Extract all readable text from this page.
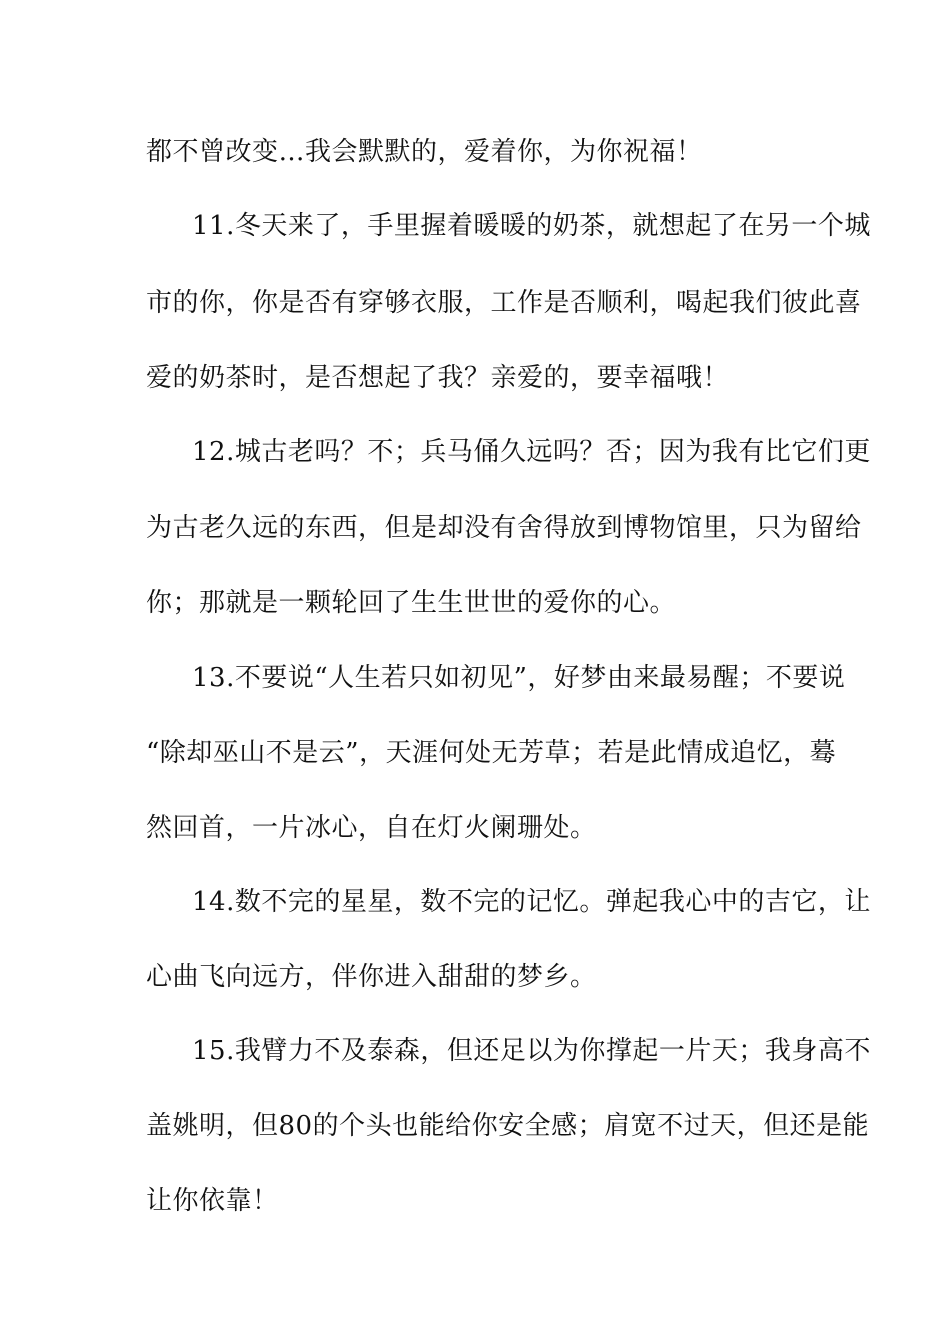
都不曾改变…我会默默的，爱着你，为你祝福！
11.冬天来了，手里握着暖暖的奶茶，就想起了在另一个城
市的你，你是否有穿够衣服，工作是否顺利，喝起我们彼此喜
爱的奶茶时，是否想起了我？亲爱的，要幸福哦！
12.城古老吗？不；兵马俑久远吗？否；因为我有比它们更
为古老久远的东西，但是却没有舍得放到博物馆里，只为留给
你；那就是一颗轮回了生生世世的爱你的心。
13.不要说“人生若只如初见”，好梦由来最易醒；不要说
“除却巫山不是云”，天涯何处无芳草；若是此情成追忆，蓦
然回首，一片冰心，自在灯火阑珊处。
14.数不完的星星，数不完的记忆。弹起我心中的吉它，让
心曲飞向远方，伴你进入甜甜的梦乡。
15.我臂力不及泰森，但还足以为你撑起一片天；我身高不
盖姚明，但80的个头也能给你安全感；肩宽不过天，但还是能
让你依靠！
